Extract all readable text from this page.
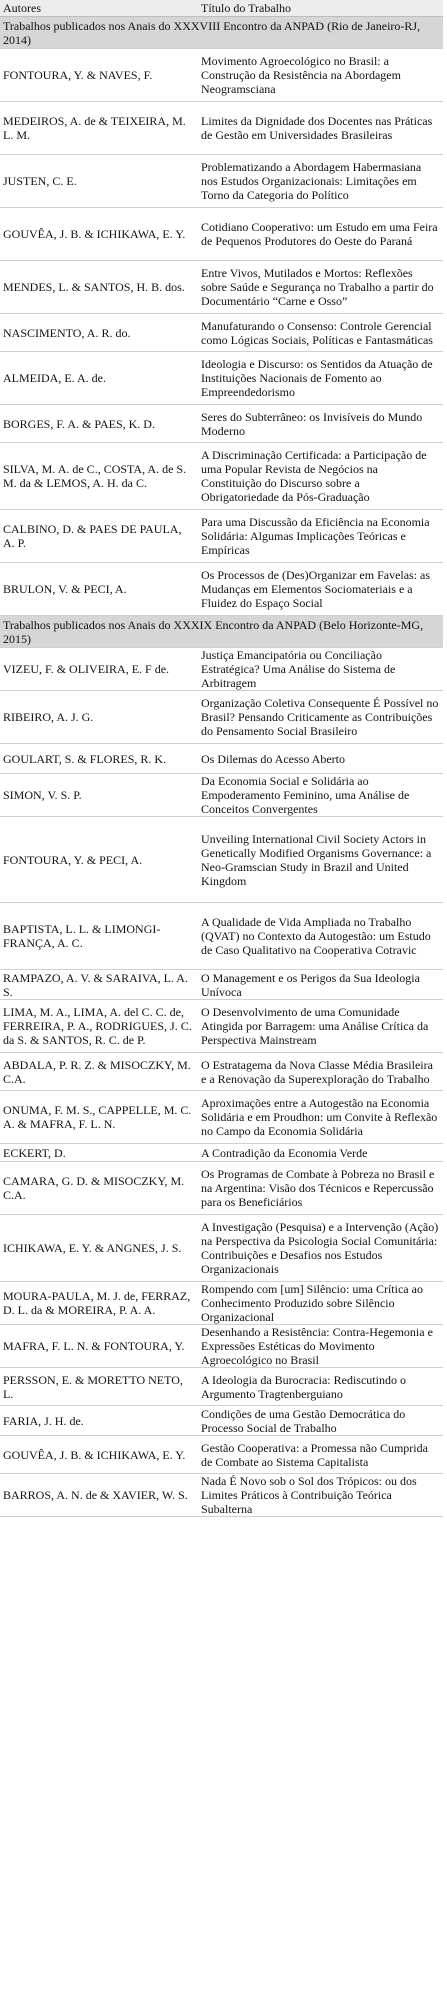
Autores	Título do Trabalho
Trabalhos publicados nos Anais do XXXVIII Encontro da ANPAD (Rio de Janeiro-RJ, 2014)	
FONTOURA, Y. & NAVES, F.	Movimento Agroecológico no Brasil: a Construção da Resistência na Abordagem Neogramsciana
MEDEIROS, A. de & TEIXEIRA, M. L. M.	Limites da Dignidade dos Docentes nas Práticas de Gestão em Universidades Brasileiras
JUSTEN, C. E.	Problematizando a Abordagem Habermasiana nos Estudos Organizacionais: Limitações em Torno da Categoria do Político
GOUVÊA, J. B. & ICHIKAWA, E. Y.	Cotidiano Cooperativo: um Estudo em uma Feira de Pequenos Produtores do Oeste do Paraná
MENDES, L. & SANTOS, H. B. dos.	Entre Vivos, Mutilados e Mortos: Reflexões sobre Saúde e Segurança no Trabalho a partir do Documentário “Carne e Osso”
NASCIMENTO, A. R. do.	Manufaturando o Consenso: Controle Gerencial como Lógicas Sociais, Políticas e Fantasmáticas
ALMEIDA, E. A. de.	Ideologia e Discurso: os Sentidos da Atuação de Instituições Nacionais de Fomento ao Empreendedorismo
BORGES, F. A. & PAES, K. D.	Seres do Subterrâneo: os Invisíveis do Mundo Moderno
SILVA, M. A. de C., COSTA, A. de S. M. da & LEMOS, A. H. da C.	A Discriminação Certificada: a Participação de uma Popular Revista de Negócios na Constituição do Discurso sobre a Obrigatoriedade da Pós-Graduação
CALBINO, D. & PAES DE PAULA, A. P.	Para uma Discussão da Eficiência na Economia Solidária: Algumas Implicações Teóricas e Empíricas
BRULON, V. & PECI, A.	Os Processos de (Des)Organizar em Favelas: as Mudanças em Elementos Sociomateriais e a Fluidez do Espaço Social
Trabalhos publicados nos Anais do XXXIX Encontro da ANPAD (Belo Horizonte-MG, 2015)	
VIZEU, F. & OLIVEIRA, E. F de.	Justiça Emancipatória ou Conciliação Estratégica? Uma Análise do Sistema de Arbitragem
RIBEIRO, A. J. G.	Organização Coletiva Consequente É Possível no Brasil? Pensando Criticamente as Contribuições do Pensamento Social Brasileiro
GOULART, S. & FLORES, R. K.	Os Dilemas do Acesso Aberto
SIMON, V. S. P.	Da Economia Social e Solidária ao Empoderamento Feminino, uma Análise de Conceitos Convergentes
FONTOURA, Y. & PECI, A.	Unveiling International Civil Society Actors in Genetically Modified Organisms Governance: a Neo-Gramscian Study in Brazil and United Kingdom
BAPTISTA, L. L. & LIMONGI-FRANÇA, A. C.	A Qualidade de Vida Ampliada no Trabalho (QVAT) no Contexto da Autogestão: um Estudo de Caso Qualitativo na Cooperativa Cotravic
RAMPAZO, A. V. & SARAIVA, L. A. S.	O Management e os Perigos da Sua Ideologia Unívoca
LIMA, M. A., LIMA, A. del C. C. de, FERREIRA, P. A., RODRIGUES, J. C. da S. & SANTOS, R. C. de P.	O Desenvolvimento de uma Comunidade Atingida por Barragem: uma Análise Crítica da Perspectiva Mainstream
ABDALA, P. R. Z. & MISOCZKY, M. C.A.	O Estratagema da Nova Classe Média Brasileira e a Renovação da Superexploração do Trabalho
ONUMA, F. M. S., CAPPELLE, M. C. A. & MAFRA, F. L. N.	Aproximações entre a Autogestão na Economia Solidária e em Proudhon: um Convite à Reflexão no Campo da Economia Solidária
ECKERT, D.	A Contradição da Economia Verde
CAMARA, G. D. & MISOCZKY, M. C.A.	Os Programas de Combate à Pobreza no Brasil e na Argentina: Visão dos Técnicos e Repercussão para os Beneficiários
ICHIKAWA, E. Y. & ANGNES, J. S.	A Investigação (Pesquisa) e a Intervenção (Ação) na Perspectiva da Psicologia Social Comunitária: Contribuições e Desafios nos Estudos Organizacionais
MOURA-PAULA, M. J. de, FERRAZ, D. L. da & MOREIRA, P. A. A.	Rompendo com [um] Silêncio: uma Crítica ao Conhecimento Produzido sobre Silêncio Organizacional
MAFRA, F. L. N. & FONTOURA, Y.	Desenhando a Resistência: Contra-Hegemonia e Expressões Estéticas do Movimento Agroecológico no Brasil
PERSSON, E. & MORETTO NETO, L.	A Ideologia da Burocracia: Rediscutindo o Argumento Tragtenberguiano
FARIA, J. H. de.	Condições de uma Gestão Democrática do Processo Social de Trabalho
GOUVÊA, J. B. & ICHIKAWA, E. Y.	Gestão Cooperativa: a Promessa não Cumprida de Combate ao Sistema Capitalista
BARROS, A. N. de & XAVIER, W. S.	Nada É Novo sob o Sol dos Trópicos: ou dos Limites Práticos à Contribuição Teórica Subalterna
